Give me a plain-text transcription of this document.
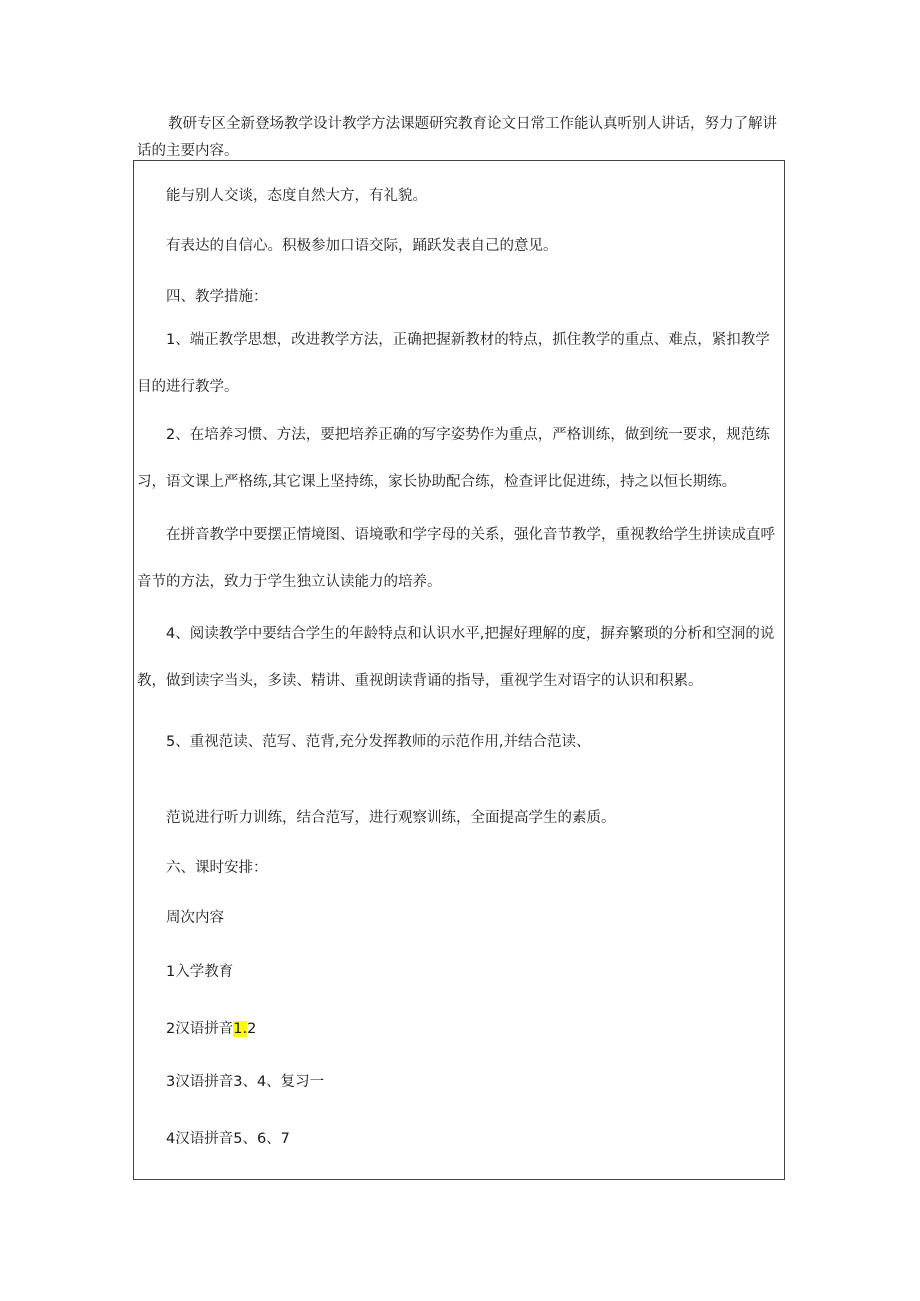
教研专区全新登场教学设计教学方法课题研究教育论文日常工作能认真听别人讲话，努力了解讲话的主要内容。

能与别人交谈，态度自然大方，有礼貌。

有表达的自信心。积极参加口语交际，踊跃发表自己的意见。

四、教学措施：

1、端正教学思想，改进教学方法，正确把握新教材的特点，抓住教学的重点、难点，紧扣教学目的进行教学。

2、在培养习惯、方法，要把培养正确的写字姿势作为重点，严格训练，做到统一要求，规范练习，语文课上严格练,其它课上坚持练，家长协助配合练，检查评比促进练，持之以恒长期练。

在拼音教学中要摆正情境图、语境歌和学字母的关系，强化音节教学，重视教给学生拼读成直呼音节的方法，致力于学生独立认读能力的培养。

4、阅读教学中要结合学生的年龄特点和认识水平,把握好理解的度，摒弃繁琐的分析和空洞的说教，做到读字当头，多读、精讲、重视朗读背诵的指导，重视学生对语字的认识和积累。

5、重视范读、范写、范背,充分发挥教师的示范作用,并结合范读、

范说进行听力训练，结合范写，进行观察训练，全面提高学生的素质。

六、课时安排：

周次内容

1入学教育

2汉语拼音1.2

3汉语拼音3、4、复习一

4汉语拼音5、6、7
